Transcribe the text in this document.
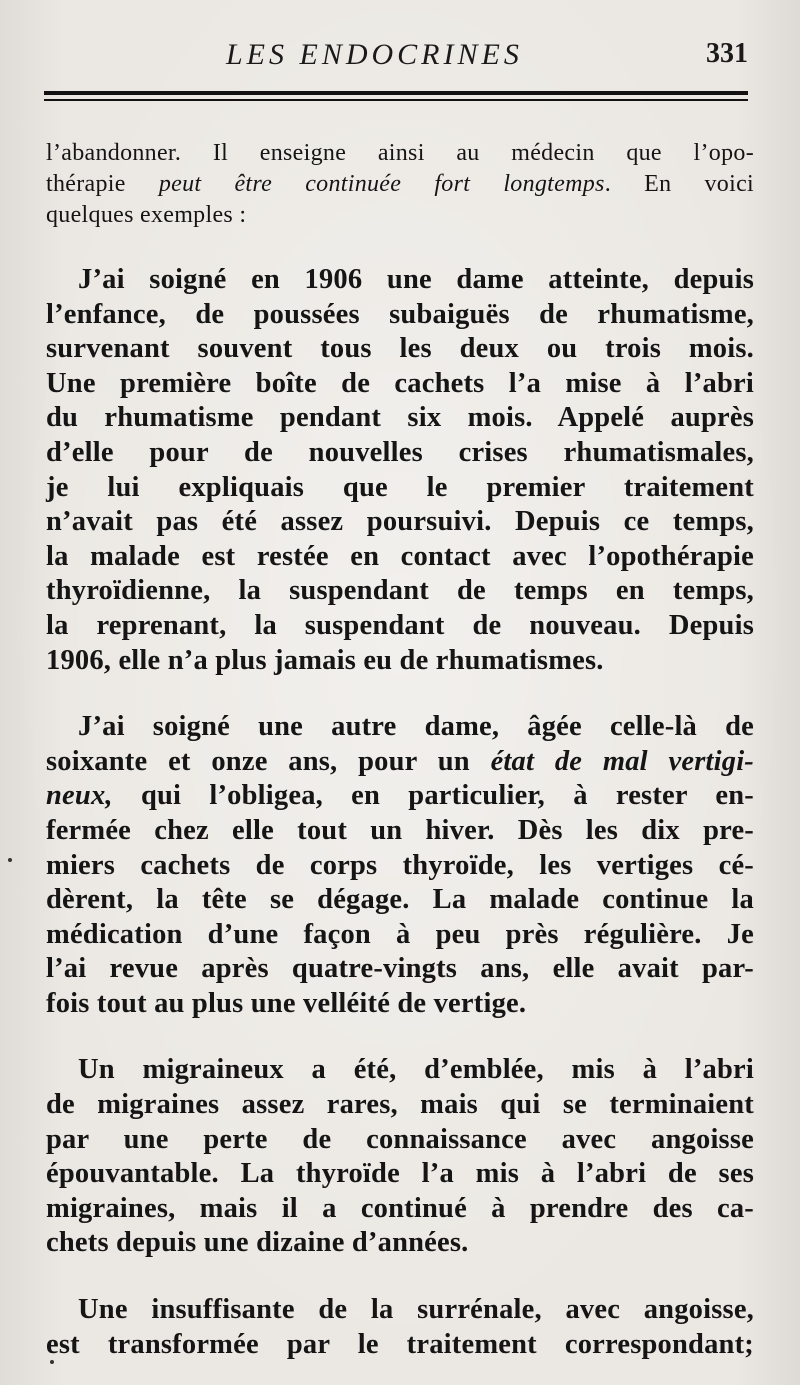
LES ENDOCRINES	331

l’abandonner. Il enseigne ainsi au médecin que l’opo-
thérapie peut être continuée fort longtemps. En voici
quelques exemples :

J’ai soigné en 1906 une dame atteinte, depuis
l’enfance, de poussées subaiguës de rhumatisme,
survenant souvent tous les deux ou trois mois.
Une première boîte de cachets l’a mise à l’abri
du rhumatisme pendant six mois. Appelé auprès
d’elle pour de nouvelles crises rhumatismales,
je lui expliquais que le premier traitement
n’avait pas été assez poursuivi. Depuis ce temps,
la malade est restée en contact avec l’opothérapie
thyroïdienne, la suspendant de temps en temps,
la reprenant, la suspendant de nouveau. Depuis
1906, elle n’a plus jamais eu de rhumatismes.

J’ai soigné une autre dame, âgée celle-là de
soixante et onze ans, pour un état de mal vertigi-
neux, qui l’obligea, en particulier, à rester en-
fermée chez elle tout un hiver. Dès les dix pre-
miers cachets de corps thyroïde, les vertiges cé-
dèrent, la tête se dégage. La malade continue la
médication d’une façon à peu près régulière. Je
l’ai revue après quatre-vingts ans, elle avait par-
fois tout au plus une velléité de vertige.

Un migraineux a été, d’emblée, mis à l’abri
de migraines assez rares, mais qui se terminaient
par une perte de connaissance avec angoisse
épouvantable. La thyroïde l’a mis à l’abri de ses
migraines, mais il a continué à prendre des ca-
chets depuis une dizaine d’années.

Une insuffisante de la surrénale, avec angoisse,
est transformée par le traitement correspondant;
